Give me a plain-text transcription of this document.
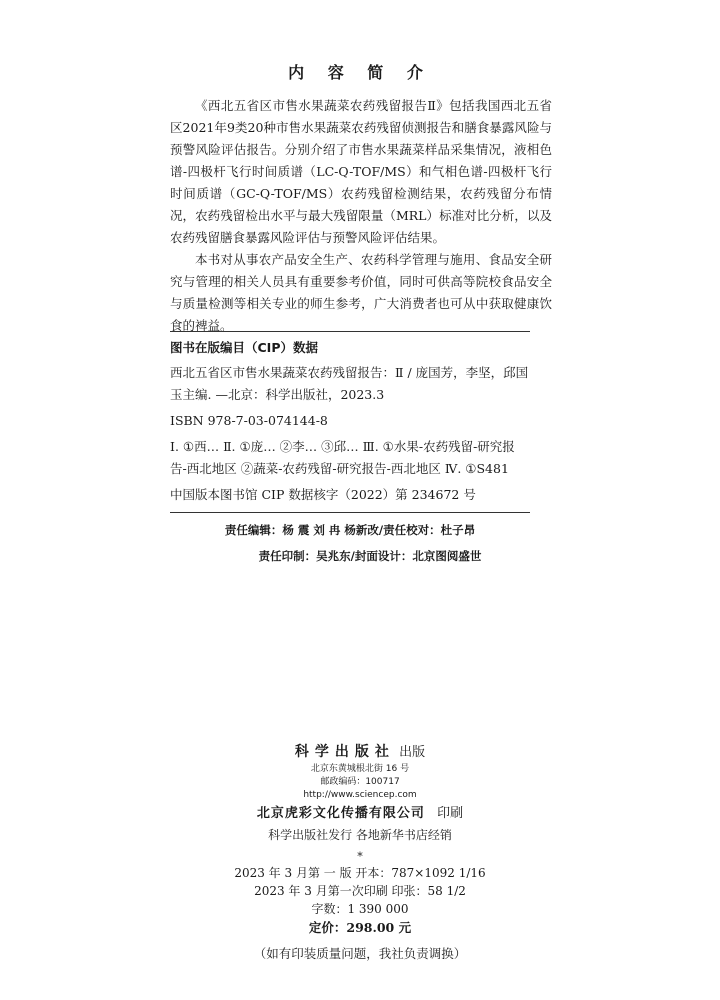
内 容 简 介

《西北五省区市售水果蔬菜农药残留报告Ⅱ》包括我国西北五省区2021年9类20种市售水果蔬菜农药残留侦测报告和膳食暴露风险与预警风险评估报告。分别介绍了市售水果蔬菜样品采集情况，液相色谱-四极杆飞行时间质谱（LC-Q-TOF/MS）和气相色谱-四极杆飞行时间质谱（GC-Q-TOF/MS）农药残留检测结果，农药残留分布情况，农药残留检出水平与最大残留限量（MRL）标准对比分析，以及农药残留膳食暴露风险评估与预警风险评估结果。

本书对从事农产品安全生产、农药科学管理与施用、食品安全研究与管理的相关人员具有重要参考价值，同时可供高等院校食品安全与质量检测等相关专业的师生参考，广大消费者也可从中获取健康饮食的裨益。

图书在版编目（CIP）数据
西北五省区市售水果蔬菜农药残留报告：Ⅱ / 庞国芳，李坚，邱国玉主编. —北京：科学出版社，2023.3
ISBN 978-7-03-074144-8
Ⅰ. ①西… Ⅱ. ①庞… ②李… ③邱… Ⅲ. ①水果-农药残留-研究报告-西北地区 ②蔬菜-农药残留-研究报告-西北地区 Ⅳ. ①S481
中国版本图书馆 CIP 数据核字（2022）第 234672 号
责任编辑：杨 震 刘 冉 杨新改/责任校对：杜子昂
责任印制：吴兆东/封面设计：北京图阅盛世
科学出版社 出版
北京东黄城根北街 16 号
邮政编码：100717
http://www.sciencep.com
北京虎彩文化传播有限公司 印刷
科学出版社发行 各地新华书店经销
*
2023 年 3 月第 一 版 开本：787×1092 1/16
2023 年 3 月第一次印刷 印张：58 1/2
字数：1 390 000
定价：298.00 元
（如有印装质量问题，我社负责调换）
